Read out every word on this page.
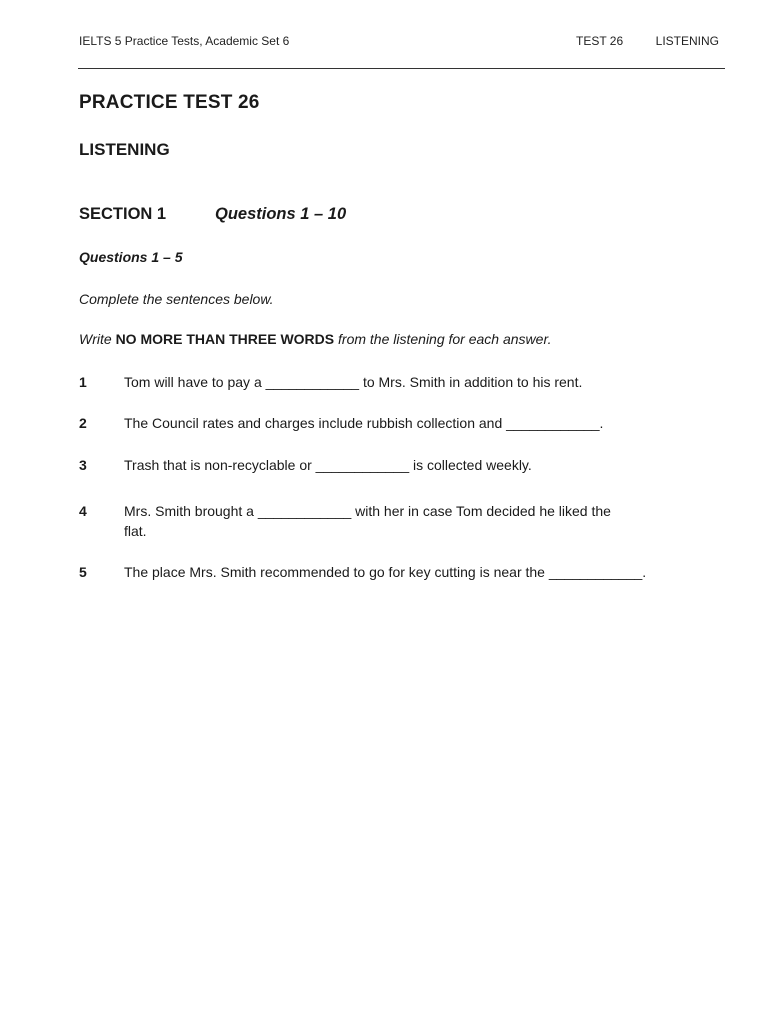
IELTS 5 Practice Tests, Academic Set 6	TEST 26	LISTENING
PRACTICE TEST 26
LISTENING
SECTION 1	Questions 1 – 10
Questions 1 – 5
Complete the sentences below.
Write NO MORE THAN THREE WORDS from the listening for each answer.
1	Tom will have to pay a ____________ to Mrs. Smith in addition to his rent.
2	The Council rates and charges include rubbish collection and ____________.
3	Trash that is non-recyclable or ____________ is collected weekly.
4	Mrs. Smith brought a ____________ with her in case Tom decided he liked the flat.
5	The place Mrs. Smith recommended to go for key cutting is near the ____________.
